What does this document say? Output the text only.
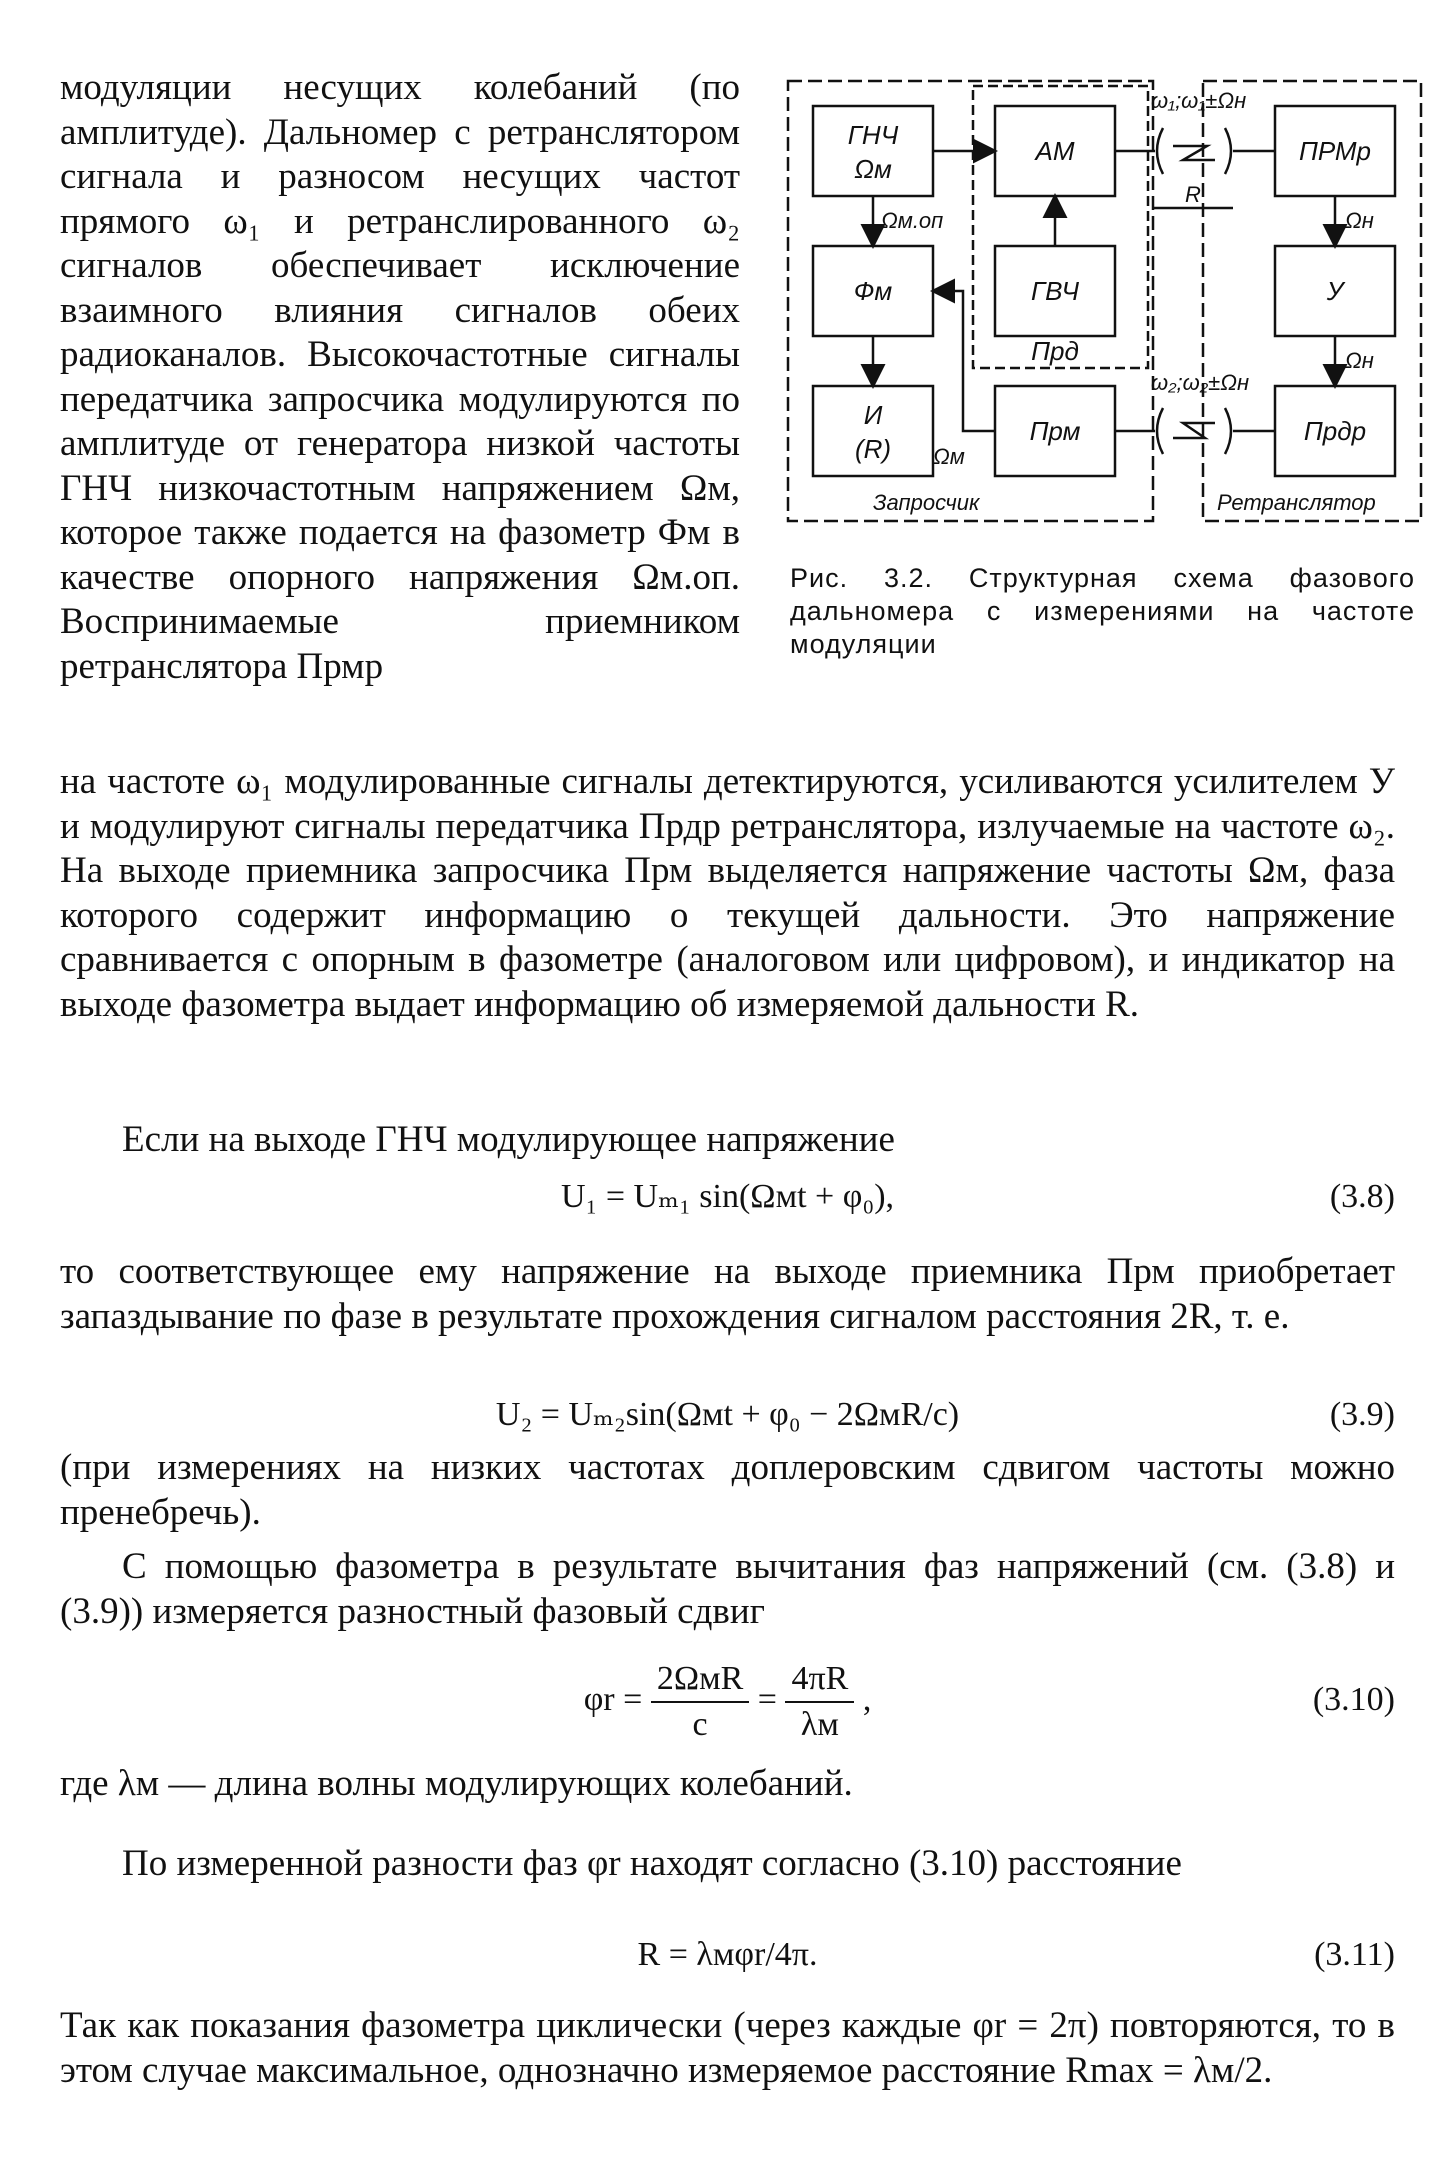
модуляции несущих колебаний (по амплитуде). Дальномер с ретранслятором сигнала и разносом несущих частот прямого ω₁ и ретранслированного ω₂ сигналов обеспечивает исключение взаимного влияния сигналов обеих радиоканалов. Высокочастотные сигналы передатчика запросчика модулируются по амплитуде от генератора низкой частоты ГНЧ низкочастотным напряжением Ωм, которое также подается на фазометр Фм в качестве опорного напряжения Ωм.оп. Воспринимаемые приемником ретранслятора Прмр

ГНЧ
Ωм
АМ
Фм	ГВЧ
Прд
И
(R)
Прм
ПРМр
У
Прдр
Ωм.оп
Ωм
ω₁;ω₁±Ωн
ω₂;ω₂±Ωн
R
Ωн
Ωн
Запросчик	Ретранслятор
Рис. 3.2. Структурная схема фазового дальномера с измерениями на частоте модуляции
на частоте ω₁ модулированные сигналы детектируются, усиливаются усилителем У и модулируют сигналы передатчика Прдр ретранслятора, излучаемые на частоте ω₂. На выходе приемника запросчика Прм выделяется напряжение частоты Ωм, фаза которого содержит информацию о текущей дальности. Это напряжение сравнивается с опорным в фазометре (аналоговом или цифровом), и индикатор на выходе фазометра выдает информацию об измеряемой дальности R.
Если на выходе ГНЧ модулирующее напряжение
U₁ = Uₘ₁ sin(Ωмt + φ₀),	(3.8)
то соответствующее ему напряжение на выходе приемника Прм приобретает запаздывание по фазе в результате прохождения сигналом расстояния 2R, т. е.
U₂ = Uₘ₂sin(Ωмt + φ₀ − 2ΩмR/c)	(3.9)
(при измерениях на низких частотах доплеровским сдвигом частоты можно пренебречь).
С помощью фазометра в результате вычитания фаз напряжений (см. (3.8) и (3.9)) измеряется разностный фазовый сдвиг
$\varphi r = \frac{\text{2ΩмR}}{c} = \frac{4\pi R}{\lambda м}$ ,	(3.10)
где λм — длина волны модулирующих колебаний.
По измеренной разности фаз φr находят согласно (3.10) расстояние
R = λмφr/4π.	(3.11)
Так как показания фазометра циклически (через каждые φr = 2π) повторяются, то в этом случае максимальное, однозначно измеряемое расстояние Rmax = λм/2.
